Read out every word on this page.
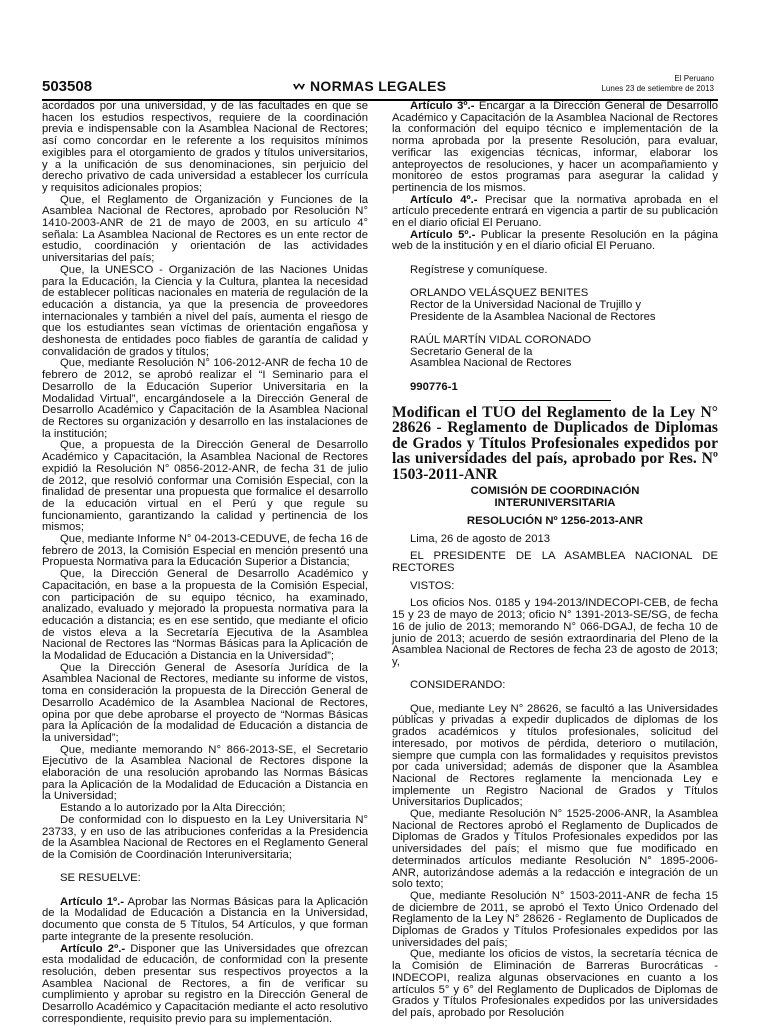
503508	NORMAS LEGALES	El Peruano
Lunes 23 de setiembre de 2013

acordados por una universidad, y de las facultades en que se hacen los estudios respectivos, requiere de la coordinación previa e indispensable con la Asamblea Nacional de Rectores; así como concordar en le referente a los requisitos mínimos exigibles para el otorgamiento de grados y títulos universitarios, y a la unificación de sus denominaciones, sin perjuicio del derecho privativo de cada universidad a establecer los currícula y requisitos adicionales propios;

Que, el Reglamento de Organización y Funciones de la Asamblea Nacional de Rectores, aprobado por Resolución N° 1410-2003-ANR de 21 de mayo de 2003, en su artículo 4° señala: La Asamblea Nacional de Rectores es un ente rector de estudio, coordinación y orientación de las actividades universitarias del país;

Que, la UNESCO - Organización de las Naciones Unidas para la Educación, la Ciencia y la Cultura, plantea la necesidad de establecer políticas nacionales en materia de regulación de la educación a distancia, ya que la presencia de proveedores internacionales y también a nivel del país, aumenta el riesgo de que los estudiantes sean víctimas de orientación engañosa y deshonesta de entidades poco fiables de garantía de calidad y convalidación de grados y títulos;

Que, mediante Resolución N° 106-2012-ANR de fecha 10 de febrero de 2012, se aprobó realizar el “I Seminario para el Desarrollo de la Educación Superior Universitaria en la Modalidad Virtual”, encargándosele a la Dirección General de Desarrollo Académico y Capacitación de la Asamblea Nacional de Rectores su organización y desarrollo en las instalaciones de la institución;

Que, a propuesta de la Dirección General de Desarrollo Académico y Capacitación, la Asamblea Nacional de Rectores expidió la Resolución N° 0856-2012-ANR, de fecha 31 de julio de 2012, que resolvió conformar una Comisión Especial, con la finalidad de presentar una propuesta que formalice el desarrollo de la educación virtual en el Perú y que regule su funcionamiento, garantizando la calidad y pertinencia de los mismos;

Que, mediante Informe N° 04-2013-CEDUVE, de fecha 16 de febrero de 2013, la Comisión Especial en mención presentó una Propuesta Normativa para la Educación Superior a Distancia;

Que, la Dirección General de Desarrollo Académico y Capacitación, en base a la propuesta de la Comisión Especial, con participación de su equipo técnico, ha examinado, analizado, evaluado y mejorado la propuesta normativa para la educación a distancia; es en ese sentido, que mediante el oficio de vistos eleva a la Secretaría Ejecutiva de la Asamblea Nacional de Rectores las “Normas Básicas para la Aplicación de la Modalidad de Educación a Distancia en la Universidad”;

Que la Dirección General de Asesoría Jurídica de la Asamblea Nacional de Rectores, mediante su informe de vistos, toma en consideración la propuesta de la Dirección General de Desarrollo Académico de la Asamblea Nacional de Rectores, opina por que debe aprobarse el proyecto de “Normas Básicas para la Aplicación de la modalidad de Educación a distancia de la universidad”;

Que, mediante memorando N° 866-2013-SE, el Secretario Ejecutivo de la Asamblea Nacional de Rectores dispone la elaboración de una resolución aprobando las Normas Básicas para la Aplicación de la Modalidad de Educación a Distancia en la Universidad;

Estando a lo autorizado por la Alta Dirección;

De conformidad con lo dispuesto en la Ley Universitaria N° 23733, y en uso de las atribuciones conferidas a la Presidencia de la Asamblea Nacional de Rectores en el Reglamento General de la Comisión de Coordinación Interuniversitaria;

SE RESUELVE:

Artículo 1º.- Aprobar las Normas Básicas para la Aplicación de la Modalidad de Educación a Distancia en la Universidad, documento que consta de 5 Títulos, 54 Artículos, y que forman parte integrante de la presente resolución.

Artículo 2º.- Disponer que las Universidades que ofrezcan esta modalidad de educación, de conformidad con la presente resolución, deben presentar sus respectivos proyectos a la Asamblea Nacional de Rectores, a fin de verificar su cumplimiento y aprobar su registro en la Dirección General de Desarrollo Académico y Capacitación mediante el acto resolutivo correspondiente, requisito previo para su implementación.

Artículo 3º.- Encargar a la Dirección General de Desarrollo Académico y Capacitación de la Asamblea Nacional de Rectores la conformación del equipo técnico e implementación de la norma aprobada por la presente Resolución, para evaluar, verificar las exigencias técnicas, informar, elaborar los anteproyectos de resoluciones, y hacer un acompañamiento y monitoreo de estos programas para asegurar la calidad y pertinencia de los mismos.

Artículo 4º.- Precisar que la normativa aprobada en el artículo precedente entrará en vigencia a partir de su publicación en el diario oficial El Peruano.

Artículo 5º.- Publicar la presente Resolución en la página web de la institución y en el diario oficial El Peruano.

Regístrese y comuníquese.

ORLANDO VELÁSQUEZ BENITES

Rector de la Universidad Nacional de Trujillo y

Presidente de la Asamblea Nacional de Rectores

RAÚL MARTÍN VIDAL CORONADO

Secretario General de la

Asamblea Nacional de Rectores

990776-1

Modifican el TUO del Reglamento de la Ley N° 28626 - Reglamento de Duplicados de Diplomas de Grados y Títulos Profesionales expedidos por las universidades del país, aprobado por Res. Nº 1503-2011-ANR

COMISIÓN DE COORDINACIÓN

INTERUNIVERSITARIA

RESOLUCIÓN Nº 1256-2013-ANR

Lima, 26 de agosto de 2013

EL PRESIDENTE DE LA ASAMBLEA NACIONAL DE RECTORES

VISTOS:

Los oficios Nos. 0185 y 194-2013/INDECOPI-CEB, de fecha 15 y 23 de mayo de 2013; oficio N° 1391-2013-SE/SG, de fecha 16 de julio de 2013; memorando N° 066-DGAJ, de fecha 10 de junio de 2013; acuerdo de sesión extraordinaria del Pleno de la Asamblea Nacional de Rectores de fecha 23 de agosto de 2013; y,

CONSIDERANDO:

Que, mediante Ley N° 28626, se facultó a las Universidades públicas y privadas a expedir duplicados de diplomas de los grados académicos y títulos profesionales, solicitud del interesado, por motivos de pérdida, deterioro o mutilación, siempre que cumpla con las formalidades y requisitos previstos por cada universidad; además de disponer que la Asamblea Nacional de Rectores reglamente la mencionada Ley e implemente un Registro Nacional de Grados y Títulos Universitarios Duplicados;

Que, mediante Resolución N° 1525-2006-ANR, la Asamblea Nacional de Rectores aprobó el Reglamento de Duplicados de Diplomas de Grados y Títulos Profesionales expedidos por las universidades del país; el mismo que fue modificado en determinados artículos mediante Resolución N° 1895-2006-ANR, autorizándose además a la redacción e integración de un solo texto;

Que, mediante Resolución N° 1503-2011-ANR de fecha 15 de diciembre de 2011, se aprobó el Texto Único Ordenado del Reglamento de la Ley N° 28626 - Reglamento de Duplicados de Diplomas de Grados y Títulos Profesionales expedidos por las universidades del país;

Que, mediante los oficios de vistos, la secretaría técnica de la Comisión de Eliminación de Barreras Burocráticas -INDECOPI, realiza algunas observaciones en cuanto a los artículos 5° y 6° del Reglamento de Duplicados de Diplomas de Grados y Títulos Profesionales expedidos por las universidades del país, aprobado por Resolución
